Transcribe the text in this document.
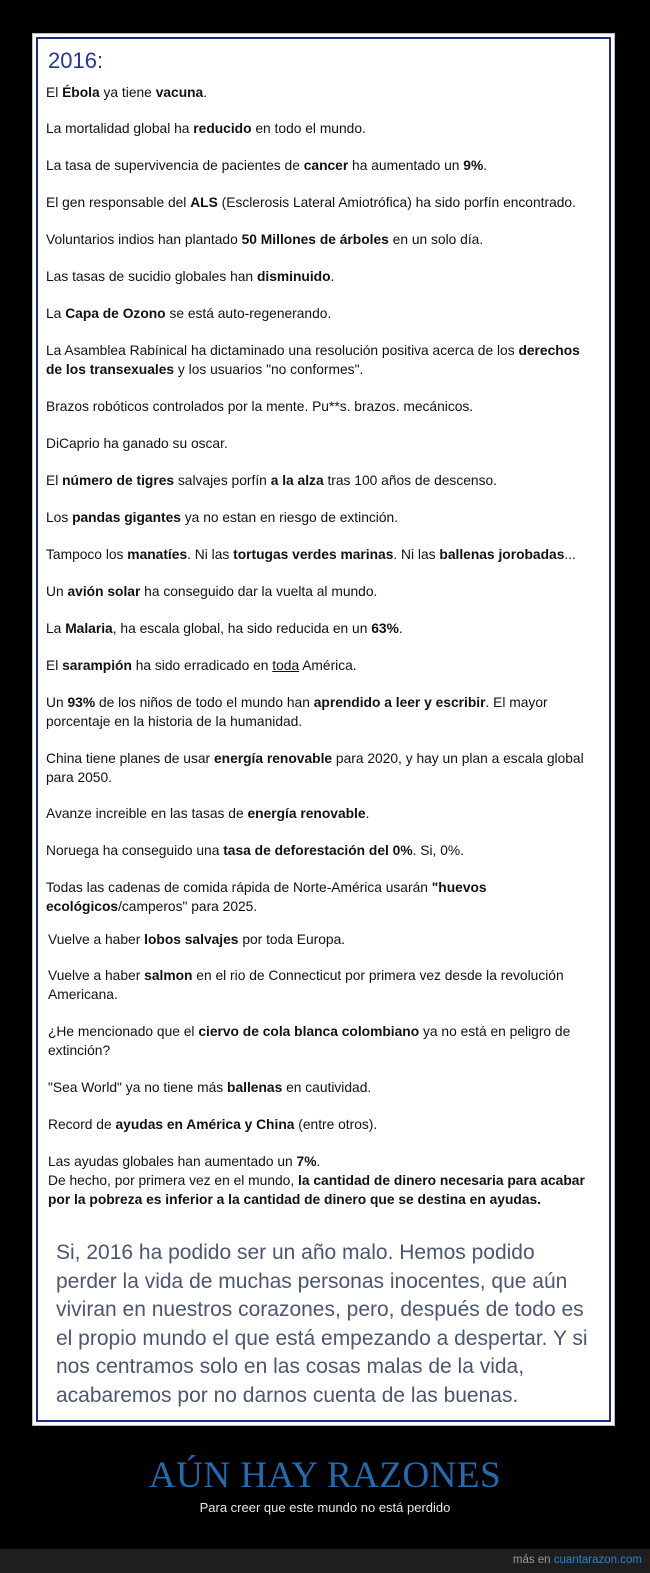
2016:

El Ébola ya tiene vacuna.

La mortalidad global ha reducido en todo el mundo.

La tasa de supervivencia de pacientes de cancer ha aumentado un 9%.

El gen responsable del ALS (Esclerosis Lateral Amiotrófica) ha sido porfín encontrado.

Voluntarios indios han plantado 50 Millones de árboles en un solo día.

Las tasas de sucidio globales han disminuido.

La Capa de Ozono se está auto-regenerando.

La Asamblea Rabínical ha dictaminado una resolución positiva acerca de los derechos de los transexuales y los usuarios "no conformes".

Brazos robóticos controlados por la mente. Pu**s. brazos. mecánicos.

DiCaprio ha ganado su oscar.

El número de tigres salvajes porfín a la alza tras 100 años de descenso.

Los pandas gigantes ya no estan en riesgo de extinción.

Tampoco los manatíes. Ni las tortugas verdes marinas. Ni las ballenas jorobadas...

Un avión solar ha conseguido dar la vuelta al mundo.

La Malaria, ha escala global, ha sido reducida en un 63%.

El sarampión ha sido erradicado en toda América.

Un 93% de los niños de todo el mundo han aprendido a leer y escribir. El mayor porcentaje en la historia de la humanidad.

China tiene planes de usar energía renovable para 2020, y hay un plan a escala global para 2050.

Avanze increible en las tasas de energía renovable.

Noruega ha conseguido una tasa de deforestación del 0%. Si, 0%.

Todas las cadenas de comida rápida de Norte-América usarán "huevos ecológicos/camperos" para 2025.

Vuelve a haber lobos salvajes por toda Europa.

Vuelve a haber salmon en el rio de Connecticut por primera vez desde la revolución Americana.

¿He mencionado que el ciervo de cola blanca colombiano ya no está en peligro de extinción?

"Sea World" ya no tiene más ballenas en cautividad.

Record de ayudas en América y China (entre otros).

Las ayudas globales han aumentado un 7%.
De hecho, por primera vez en el mundo, la cantidad de dinero necesaria para acabar por la pobreza es inferior a la cantidad de dinero que se destina en ayudas.

Si, 2016 ha podido ser un año malo. Hemos podido perder la vida de muchas personas inocentes, que aún viviran en nuestros corazones, pero, después de todo es el propio mundo el que está empezando a despertar. Y si nos centramos solo en las cosas malas de la vida, acabaremos por no darnos cuenta de las buenas.

AÚN HAY RAZONES

Para creer que este mundo no está perdido

más en cuantarazon.com
